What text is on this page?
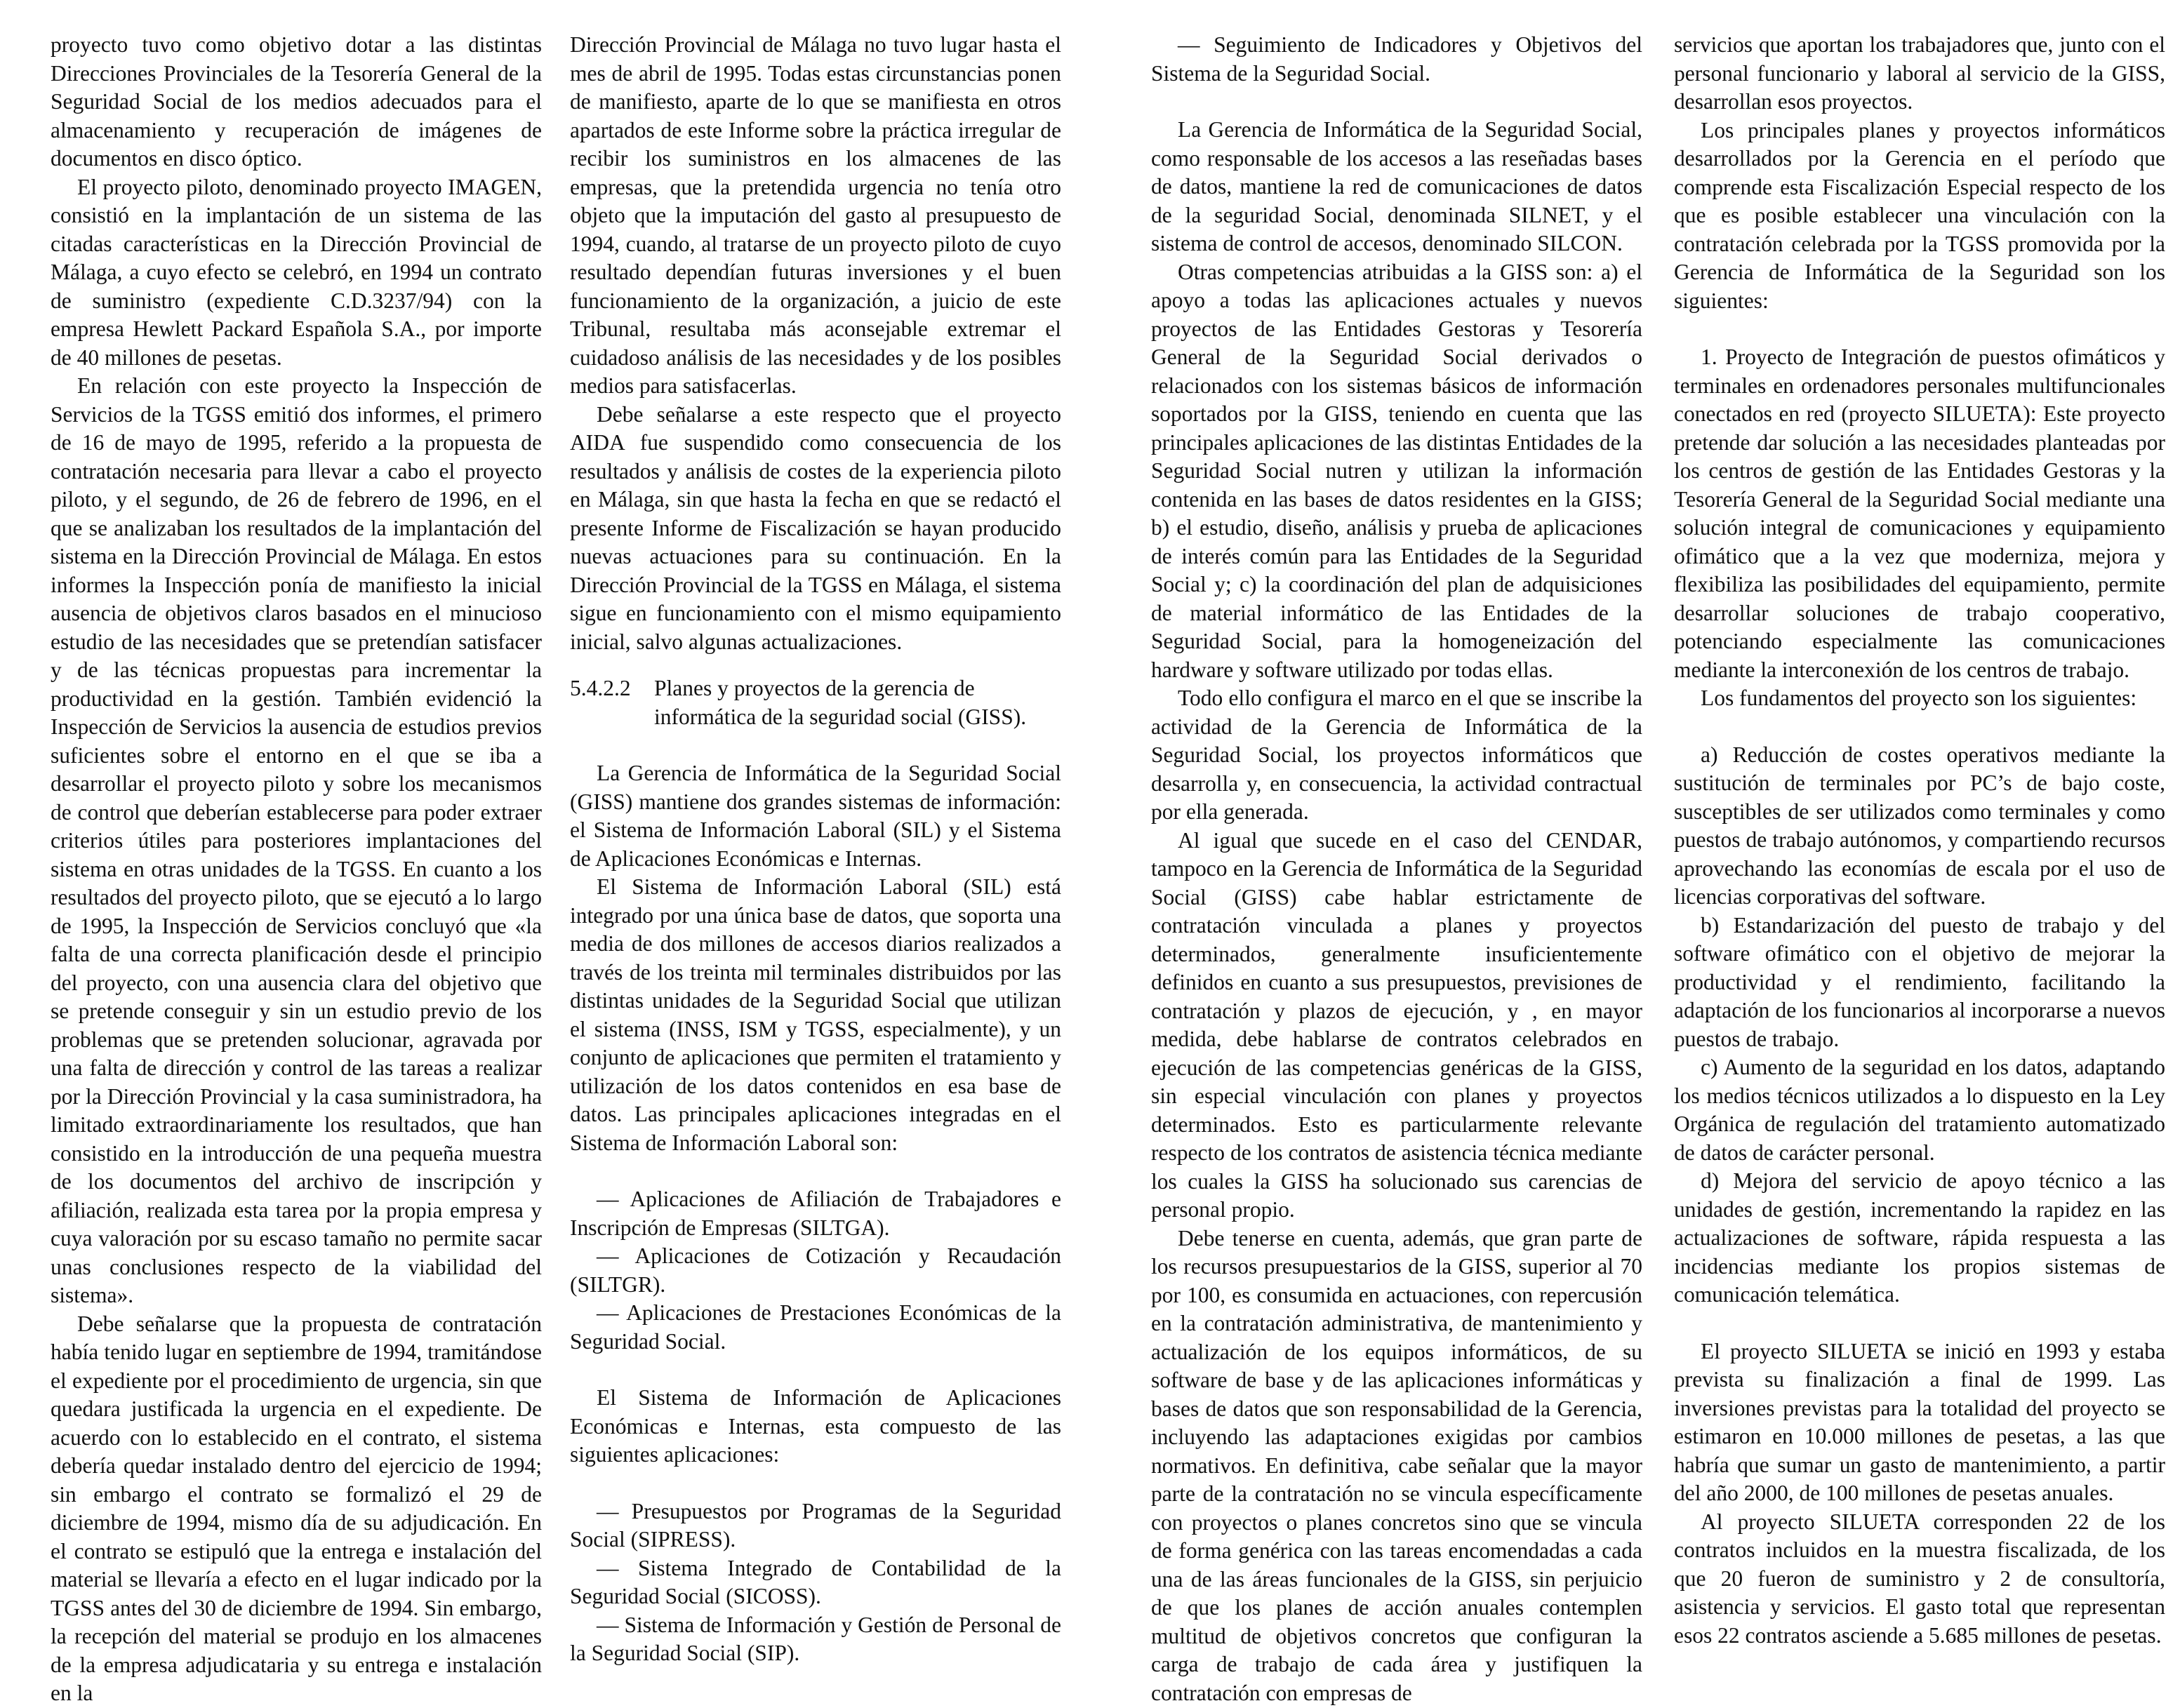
proyecto tuvo como objetivo dotar a las distintas Direcciones Provinciales de la Tesorería General de la Seguridad Social de los medios adecuados para el almacenamiento y recuperación de imágenes de documentos en disco óptico.

El proyecto piloto, denominado proyecto IMAGEN, consistió en la implantación de un sistema de las citadas características en la Dirección Provincial de Málaga, a cuyo efecto se celebró, en 1994 un contrato de suministro (expediente C.D.3237/94) con la empresa Hewlett Packard Española S.A., por importe de 40 millones de pesetas.

En relación con este proyecto la Inspección de Servicios de la TGSS emitió dos informes, el primero de 16 de mayo de 1995, referido a la propuesta de contratación necesaria para llevar a cabo el proyecto piloto, y el segundo, de 26 de febrero de 1996, en el que se analizaban los resultados de la implantación del sistema en la Dirección Provincial de Málaga. En estos informes la Inspección ponía de manifiesto la inicial ausencia de objetivos claros basados en el minucioso estudio de las necesidades que se pretendían satisfacer y de las técnicas propuestas para incrementar la productividad en la gestión. También evidenció la Inspección de Servicios la ausencia de estudios previos suficientes sobre el entorno en el que se iba a desarrollar el proyecto piloto y sobre los mecanismos de control que deberían establecerse para poder extraer criterios útiles para posteriores implantaciones del sistema en otras unidades de la TGSS. En cuanto a los resultados del proyecto piloto, que se ejecutó a lo largo de 1995, la Inspección de Servicios concluyó que «la falta de una correcta planificación desde el principio del proyecto, con una ausencia clara del objetivo que se pretende conseguir y sin un estudio previo de los problemas que se pretenden solucionar, agravada por una falta de dirección y control de las tareas a realizar por la Dirección Provincial y la casa suministradora, ha limitado extraordinariamente los resultados, que han consistido en la introducción de una pequeña muestra de los documentos del archivo de inscripción y afiliación, realizada esta tarea por la propia empresa y cuya valoración por su escaso tamaño no permite sacar unas conclusiones respecto de la viabilidad del sistema».

Debe señalarse que la propuesta de contratación había tenido lugar en septiembre de 1994, tramitándose el expediente por el procedimiento de urgencia, sin que quedara justificada la urgencia en el expediente. De acuerdo con lo establecido en el contrato, el sistema debería quedar instalado dentro del ejercicio de 1994; sin embargo el contrato se formalizó el 29 de diciembre de 1994, mismo día de su adjudicación. En el contrato se estipuló que la entrega e instalación del material se llevaría a efecto en el lugar indicado por la TGSS antes del 30 de diciembre de 1994. Sin embargo, la recepción del material se produjo en los almacenes de la empresa adjudicataria y su entrega e instalación en la

Dirección Provincial de Málaga no tuvo lugar hasta el mes de abril de 1995. Todas estas circunstancias ponen de manifiesto, aparte de lo que se manifiesta en otros apartados de este Informe sobre la práctica irregular de recibir los suministros en los almacenes de las empresas, que la pretendida urgencia no tenía otro objeto que la imputación del gasto al presupuesto de 1994, cuando, al tratarse de un proyecto piloto de cuyo resultado dependían futuras inversiones y el buen funcionamiento de la organización, a juicio de este Tribunal, resultaba más aconsejable extremar el cuidadoso análisis de las necesidades y de los posibles medios para satisfacerlas.

Debe señalarse a este respecto que el proyecto AIDA fue suspendido como consecuencia de los resultados y análisis de costes de la experiencia piloto en Málaga, sin que hasta la fecha en que se redactó el presente Informe de Fiscalización se hayan producido nuevas actuaciones para su continuación. En la Dirección Provincial de la TGSS en Málaga, el sistema sigue en funcionamiento con el mismo equipamiento inicial, salvo algunas actualizaciones.

5.4.2.2	Planes y proyectos de la gerencia de informática de la seguridad social (GISS).

La Gerencia de Informática de la Seguridad Social (GISS) mantiene dos grandes sistemas de información: el Sistema de Información Laboral (SIL) y el Sistema de Aplicaciones Económicas e Internas.

El Sistema de Información Laboral (SIL) está integrado por una única base de datos, que soporta una media de dos millones de accesos diarios realizados a través de los treinta mil terminales distribuidos por las distintas unidades de la Seguridad Social que utilizan el sistema (INSS, ISM y TGSS, especialmente), y un conjunto de aplicaciones que permiten el tratamiento y utilización de los datos contenidos en esa base de datos. Las principales aplicaciones integradas en el Sistema de Información Laboral son:

— Aplicaciones de Afiliación de Trabajadores e Inscripción de Empresas (SILTGA).

— Aplicaciones de Cotización y Recaudación (SILTGR).

— Aplicaciones de Prestaciones Económicas de la Seguridad Social.

El Sistema de Información de Aplicaciones Económicas e Internas, esta compuesto de las siguientes aplicaciones:

— Presupuestos por Programas de la Seguridad Social (SIPRESS).

— Sistema Integrado de Contabilidad de la Seguridad Social (SICOSS).

— Sistema de Información y Gestión de Personal de la Seguridad Social (SIP).

— Seguimiento de Indicadores y Objetivos del Sistema de la Seguridad Social.

La Gerencia de Informática de la Seguridad Social, como responsable de los accesos a las reseñadas bases de datos, mantiene la red de comunicaciones de datos de la seguridad Social, denominada SILNET, y el sistema de control de accesos, denominado SILCON.

Otras competencias atribuidas a la GISS son: a) el apoyo a todas las aplicaciones actuales y nuevos proyectos de las Entidades Gestoras y Tesorería General de la Seguridad Social derivados o relacionados con los sistemas básicos de información soportados por la GISS, teniendo en cuenta que las principales aplicaciones de las distintas Entidades de la Seguridad Social nutren y utilizan la información contenida en las bases de datos residentes en la GISS; b) el estudio, diseño, análisis y prueba de aplicaciones de interés común para las Entidades de la Seguridad Social y; c) la coordinación del plan de adquisiciones de material informático de las Entidades de la Seguridad Social, para la homogeneización del hardware y software utilizado por todas ellas.

Todo ello configura el marco en el que se inscribe la actividad de la Gerencia de Informática de la Seguridad Social, los proyectos informáticos que desarrolla y, en consecuencia, la actividad contractual por ella generada.

Al igual que sucede en el caso del CENDAR, tampoco en la Gerencia de Informática de la Seguridad Social (GISS) cabe hablar estrictamente de contratación vinculada a planes y proyectos determinados, generalmente insuficientemente definidos en cuanto a sus presupuestos, previsiones de contratación y plazos de ejecución, y , en mayor medida, debe hablarse de contratos celebrados en ejecución de las competencias genéricas de la GISS, sin especial vinculación con planes y proyectos determinados. Esto es particularmente relevante respecto de los contratos de asistencia técnica mediante los cuales la GISS ha solucionado sus carencias de personal propio.

Debe tenerse en cuenta, además, que gran parte de los recursos presupuestarios de la GISS, superior al 70 por 100, es consumida en actuaciones, con repercusión en la contratación administrativa, de mantenimiento y actualización de los equipos informáticos, de su software de base y de las aplicaciones informáticas y bases de datos que son responsabilidad de la Gerencia, incluyendo las adaptaciones exigidas por cambios normativos. En definitiva, cabe señalar que la mayor parte de la contratación no se vincula específicamente con proyectos o planes concretos sino que se vincula de forma genérica con las tareas encomendadas a cada una de las áreas funcionales de la GISS, sin perjuicio de que los planes de acción anuales contemplen multitud de objetivos concretos que configuran la carga de trabajo de cada área y justifiquen la contratación con empresas de

servicios que aportan los trabajadores que, junto con el personal funcionario y laboral al servicio de la GISS, desarrollan esos proyectos.

Los principales planes y proyectos informáticos desarrollados por la Gerencia en el período que comprende esta Fiscalización Especial respecto de los que es posible establecer una vinculación con la contratación celebrada por la TGSS promovida por la Gerencia de Informática de la Seguridad son los siguientes:

1. Proyecto de Integración de puestos ofimáticos y terminales en ordenadores personales multifuncionales conectados en red (proyecto SILUETA): Este proyecto pretende dar solución a las necesidades planteadas por los centros de gestión de las Entidades Gestoras y la Tesorería General de la Seguridad Social mediante una solución integral de comunicaciones y equipamiento ofimático que a la vez que moderniza, mejora y flexibiliza las posibilidades del equipamiento, permite desarrollar soluciones de trabajo cooperativo, potenciando especialmente las comunicaciones mediante la interconexión de los centros de trabajo.

Los fundamentos del proyecto son los siguientes:

a) Reducción de costes operativos mediante la sustitución de terminales por PC’s de bajo coste, susceptibles de ser utilizados como terminales y como puestos de trabajo autónomos, y compartiendo recursos aprovechando las economías de escala por el uso de licencias corporativas del software.

b) Estandarización del puesto de trabajo y del software ofimático con el objetivo de mejorar la productividad y el rendimiento, facilitando la adaptación de los funcionarios al incorporarse a nuevos puestos de trabajo.

c) Aumento de la seguridad en los datos, adaptando los medios técnicos utilizados a lo dispuesto en la Ley Orgánica de regulación del tratamiento automatizado de datos de carácter personal.

d) Mejora del servicio de apoyo técnico a las unidades de gestión, incrementando la rapidez en las actualizaciones de software, rápida respuesta a las incidencias mediante los propios sistemas de comunicación telemática.

El proyecto SILUETA se inició en 1993 y estaba prevista su finalización a final de 1999. Las inversiones previstas para la totalidad del proyecto se estimaron en 10.000 millones de pesetas, a las que habría que sumar un gasto de mantenimiento, a partir del año 2000, de 100 millones de pesetas anuales.

Al proyecto SILUETA corresponden 22 de los contratos incluidos en la muestra fiscalizada, de los que 20 fueron de suministro y 2 de consultoría, asistencia y servicios. El gasto total que representan esos 22 contratos asciende a 5.685 millones de pesetas.
